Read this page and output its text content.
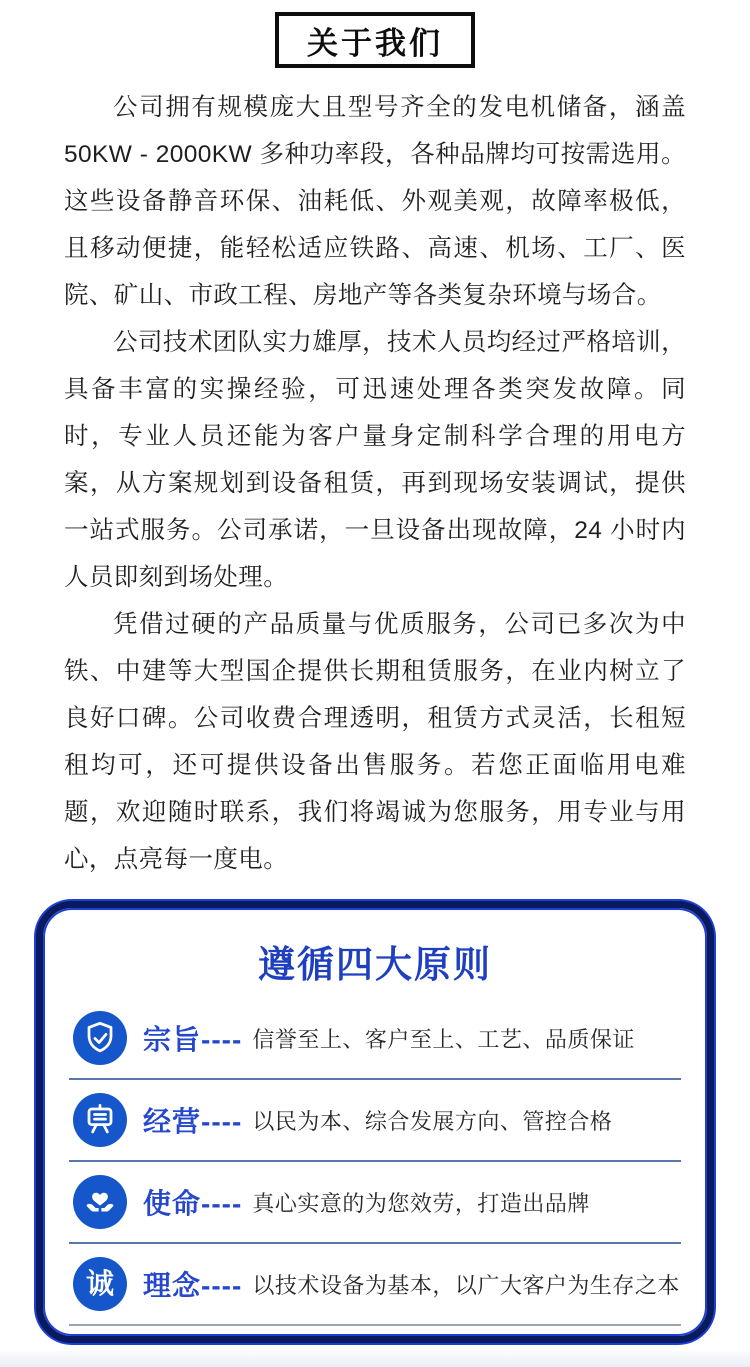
关于我们

公司拥有规模庞大且型号齐全的发电机储备，涵盖50KW - 2000KW 多种功率段，各种品牌均可按需选用。这些设备静音环保、油耗低、外观美观，故障率极低，且移动便捷，能轻松适应铁路、高速、机场、工厂、医院、矿山、市政工程、房地产等各类复杂环境与场合。

公司技术团队实力雄厚，技术人员均经过严格培训，具备丰富的实操经验，可迅速处理各类突发故障。同时，专业人员还能为客户量身定制科学合理的用电方案，从方案规划到设备租赁，再到现场安装调试，提供一站式服务。公司承诺，一旦设备出现故障，24 小时内人员即刻到场处理。

凭借过硬的产品质量与优质服务，公司已多次为中铁、中建等大型国企提供长期租赁服务，在业内树立了良好口碑。公司收费合理透明，租赁方式灵活，长租短租均可，还可提供设备出售服务。若您正面临用电难题，欢迎随时联系，我们将竭诚为您服务，用专业与用心，点亮每一度电。

遵循四大原则
宗旨---- 信誉至上、客户至上、工艺、品质保证
经营---- 以民为本、综合发展方向、管控合格
使命---- 真心实意的为您效劳，打造出品牌
诚 理念---- 以技术设备为基本，以广大客户为生存之本
